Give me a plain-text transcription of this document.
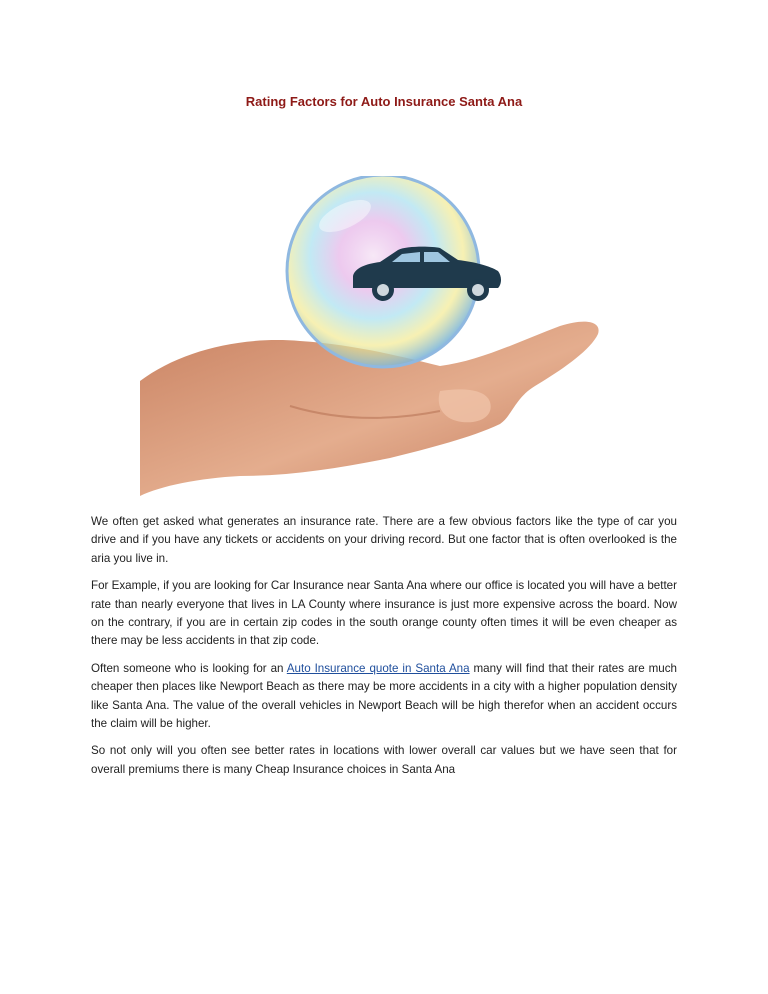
Rating Factors for Auto Insurance Santa Ana

We often get asked what generates an insurance rate. There are a few obvious factors like the type of car you drive and if you have any tickets or accidents on your driving record. But one factor that is often overlooked is the aria you live in.

For Example, if you are looking for Car Insurance near Santa Ana where our office is located you will have a better rate than nearly everyone that lives in LA County where insurance is just more expensive across the board. Now on the contrary, if you are in certain zip codes in the south orange county often times it will be even cheaper as there may be less accidents in that zip code.

Often someone who is looking for an Auto Insurance quote in Santa Ana many will find that their rates are much cheaper then places like Newport Beach as there may be more accidents in a city with a higher population density like Santa Ana. The value of the overall vehicles in Newport Beach will be high therefor when an accident occurs the claim will be higher.

So not only will you often see better rates in locations with lower overall car values but we have seen that for overall premiums there is many Cheap Insurance choices in Santa Ana
